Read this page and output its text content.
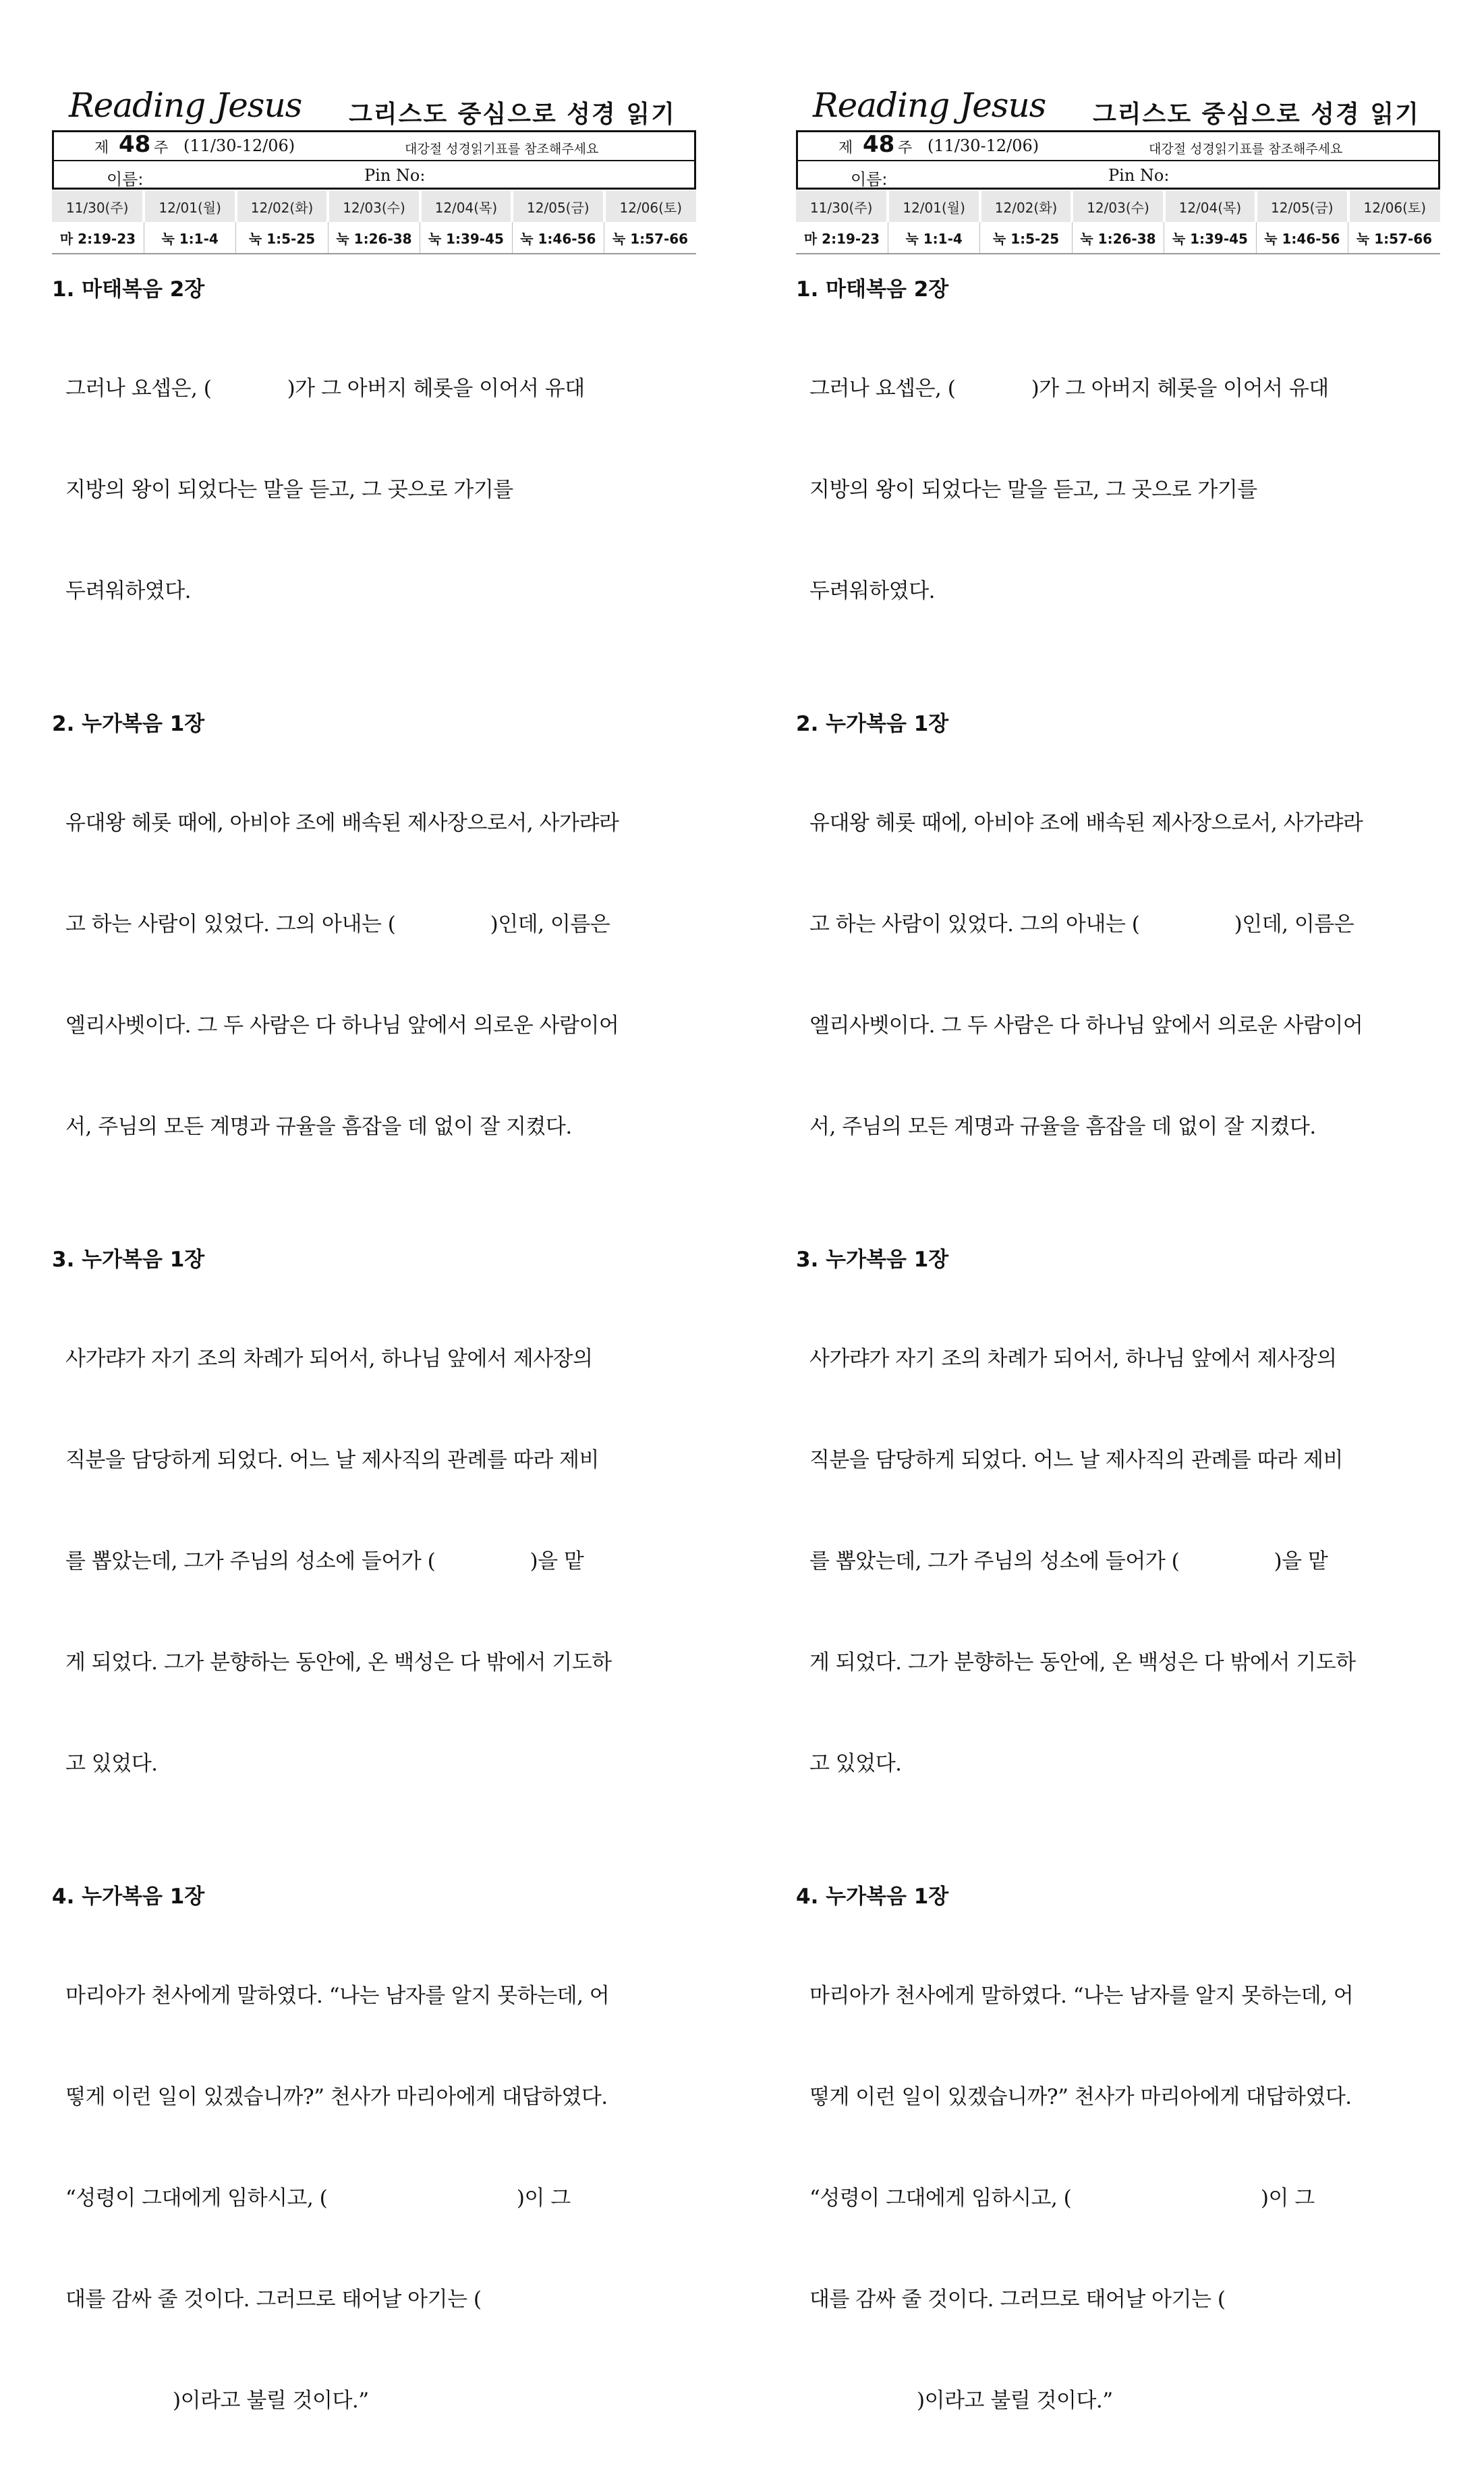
Reading Jesus 그리스도 중심으로 성경 읽기
제 48 주 (11/30-12/06)	대강절 성경읽기표를 참조해주세요
이름:	Pin No:
11/30(주)	12/01(월)	12/02(화)	12/03(수)	12/04(목)	12/05(금)	12/06(토)
마 2:19-23	눅 1:1-4	눅 1:5-25	눅 1:26-38	눅 1:39-45	눅 1:46-56	눅 1:57-66
1. 마태복음 2장

그러나 요셉은, (            )가 그 아버지 헤롯을 이어서 유대

지방의 왕이 되었다는 말을 듣고, 그 곳으로 가기를

두려워하였다.

2. 누가복음 1장

유대왕 헤롯 때에, 아비야 조에 배속된 제사장으로서, 사가랴라

고 하는 사람이 있었다. 그의 아내는 (               )인데, 이름은

엘리사벳이다. 그 두 사람은 다 하나님 앞에서 의로운 사람이어

서, 주님의 모든 계명과 규율을 흠잡을 데 없이 잘 지켰다.

3. 누가복음 1장

사가랴가 자기 조의 차례가 되어서, 하나님 앞에서 제사장의

직분을 담당하게 되었다. 어느 날 제사직의 관례를 따라 제비

를 뽑았는데, 그가 주님의 성소에 들어가 (               )을 맡

게 되었다. 그가 분향하는 동안에, 온 백성은 다 밖에서 기도하

고 있었다.

4. 누가복음 1장

마리아가 천사에게 말하였다. “나는 남자를 알지 못하는데, 어

떻게 이런 일이 있겠습니까?” 천사가 마리아에게 대답하였다.

“성령이 그대에게 임하시고, (                              )이 그

대를 감싸 줄 것이다. 그러므로 태어날 아기는 (

)이라고 불릴 것이다.”

Reading Jesus 그리스도 중심으로 성경 읽기
제 48 주 (11/30-12/06)	대강절 성경읽기표를 참조해주세요
이름:	Pin No:
11/30(주)	12/01(월)	12/02(화)	12/03(수)	12/04(목)	12/05(금)	12/06(토)
마 2:19-23	눅 1:1-4	눅 1:5-25	눅 1:26-38	눅 1:39-45	눅 1:46-56	눅 1:57-66
1. 마태복음 2장

그러나 요셉은, (            )가 그 아버지 헤롯을 이어서 유대

지방의 왕이 되었다는 말을 듣고, 그 곳으로 가기를

두려워하였다.

2. 누가복음 1장

유대왕 헤롯 때에, 아비야 조에 배속된 제사장으로서, 사가랴라

고 하는 사람이 있었다. 그의 아내는 (               )인데, 이름은

엘리사벳이다. 그 두 사람은 다 하나님 앞에서 의로운 사람이어

서, 주님의 모든 계명과 규율을 흠잡을 데 없이 잘 지켰다.

3. 누가복음 1장

사가랴가 자기 조의 차례가 되어서, 하나님 앞에서 제사장의

직분을 담당하게 되었다. 어느 날 제사직의 관례를 따라 제비

를 뽑았는데, 그가 주님의 성소에 들어가 (               )을 맡

게 되었다. 그가 분향하는 동안에, 온 백성은 다 밖에서 기도하

고 있었다.

4. 누가복음 1장

마리아가 천사에게 말하였다. “나는 남자를 알지 못하는데, 어

떻게 이런 일이 있겠습니까?” 천사가 마리아에게 대답하였다.

“성령이 그대에게 임하시고, (                              )이 그

대를 감싸 줄 것이다. 그러므로 태어날 아기는 (

)이라고 불릴 것이다.”
